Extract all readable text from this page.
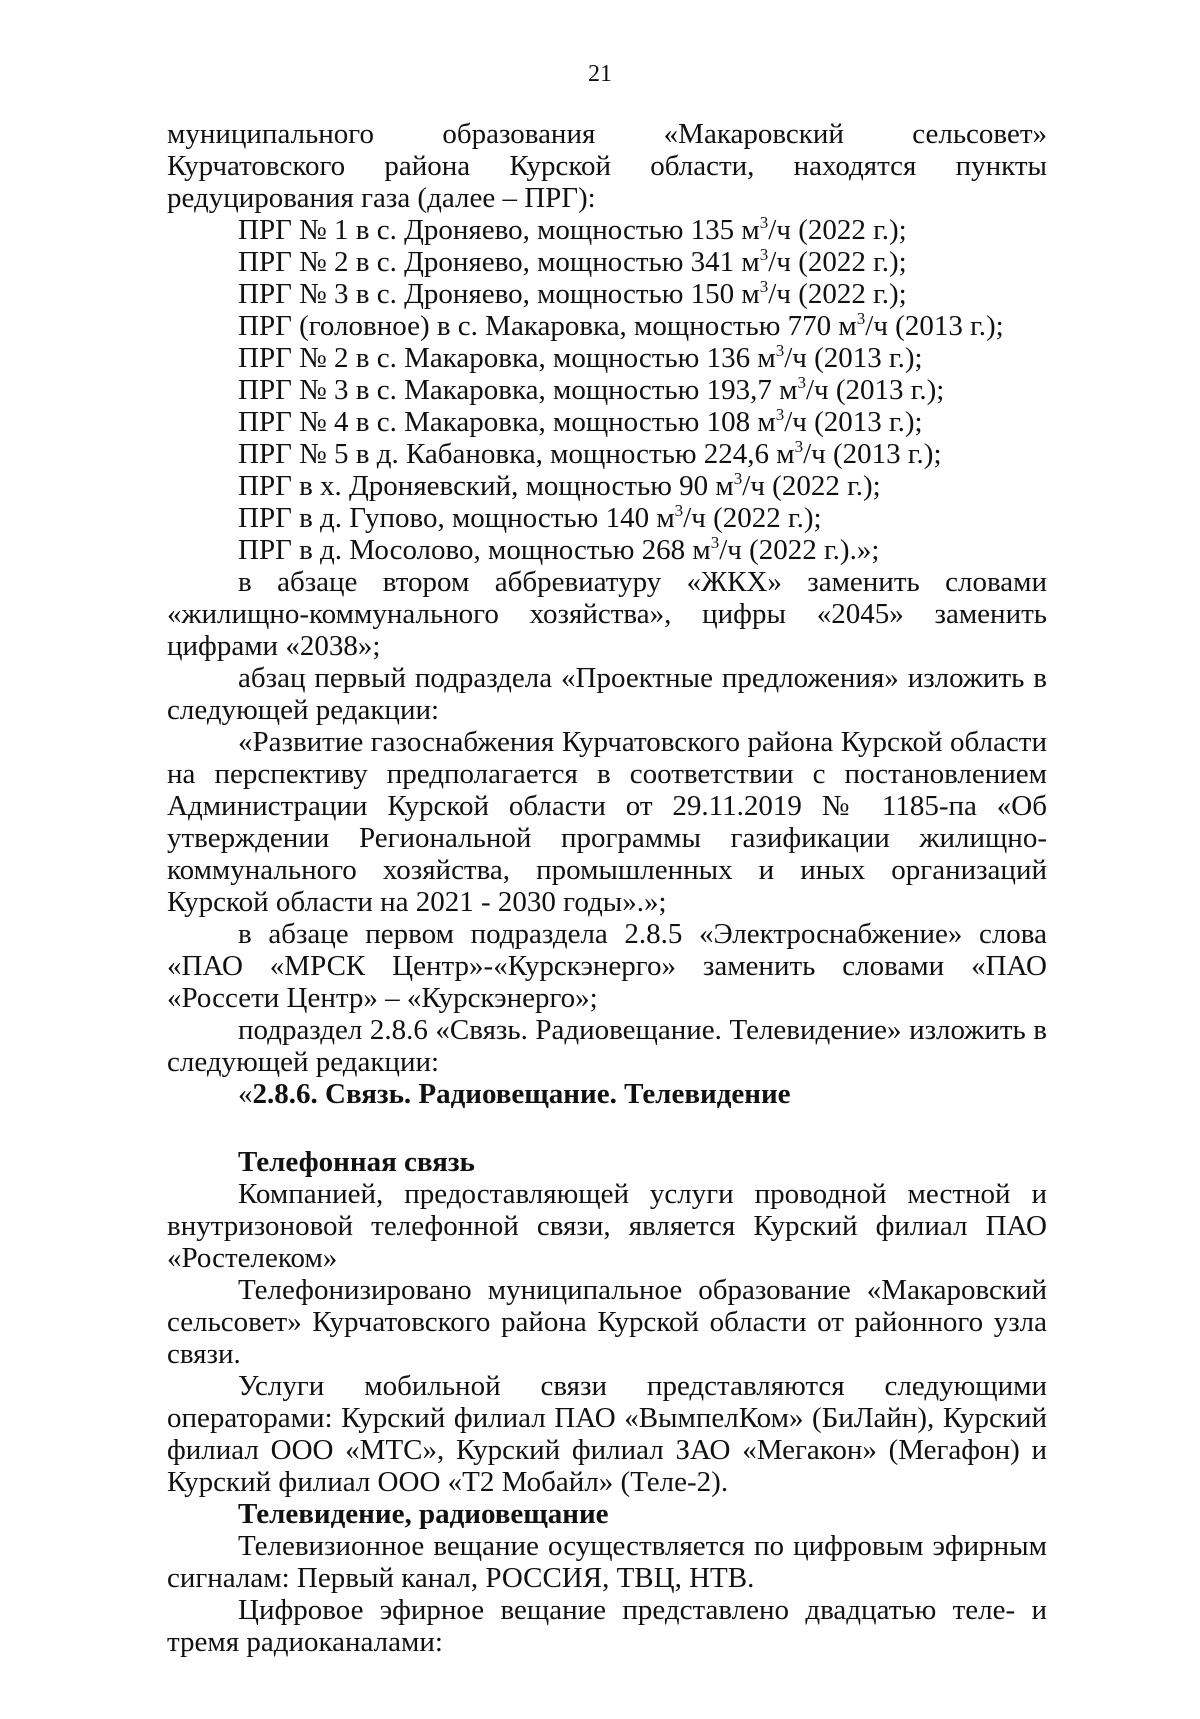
21

муниципального образования «Макаровский сельсовет» Курчатовского района Курской области, находятся пункты редуцирования газа (далее – ПРГ):

ПРГ № 1 в с. Дроняево, мощностью 135 $м^3/ч$ (2022 г.);

ПРГ № 2 в с. Дроняево, мощностью 341 $м^3/ч$ (2022 г.);

ПРГ № 3 в с. Дроняево, мощностью 150 $м^3/ч$ (2022 г.);

ПРГ (головное) в с. Макаровка, мощностью 770 $м^3/ч$ (2013 г.);

ПРГ № 2 в с. Макаровка, мощностью 136 $м^3/ч$ (2013 г.);

ПРГ № 3 в с. Макаровка, мощностью 193,7 $м^3/ч$ (2013 г.);

ПРГ № 4 в с. Макаровка, мощностью 108 $м^3/ч$ (2013 г.);

ПРГ № 5 в д. Кабановка, мощностью 224,6 $м^3/ч$ (2013 г.);

ПРГ в х. Дроняевский, мощностью 90 $м^3/ч$ (2022 г.);

ПРГ в д. Гупово, мощностью 140 $м^3/ч$ (2022 г.);

ПРГ в д. Мосолово, мощностью 268 $м^3/ч$ (2022 г.).»;

в абзаце втором аббревиатуру «ЖКХ» заменить словами «жилищно-коммунального хозяйства», цифры «2045» заменить цифрами «2038»;

абзац первый подраздела «Проектные предложения» изложить в следующей редакции:

«Развитие газоснабжения Курчатовского района Курской области на перспективу предполагается в соответствии с постановлением Администрации Курской области от 29.11.2019 № 1185-па «Об утверждении Региональной программы газификации жилищно-коммунального хозяйства, промышленных и иных организаций Курской области на 2021 - 2030 годы».»;

в абзаце первом подраздела 2.8.5 «Электроснабжение» слова «ПАО «МРСК Центр»-«Курскэнерго» заменить словами «ПАО «Россети Центр» – «Курскэнерго»;

подраздел 2.8.6 «Связь. Радиовещание. Телевидение» изложить в следующей редакции:

«2.8.6. Связь. Радиовещание. Телевидение

Телефонная связь

Компанией, предоставляющей услуги проводной местной и внутризоновой телефонной связи, является Курский филиал ПАО «Ростелеком»

Телефонизировано муниципальное образование «Макаровский сельсовет» Курчатовского района Курской области от районного узла связи.

Услуги мобильной связи представляются следующими операторами: Курский филиал ПАО «ВымпелКом» (БиЛайн), Курский филиал ООО «МТС», Курский филиал ЗАО «Мегакон» (Мегафон) и Курский филиал ООО «Т2 Мобайл» (Теле-2).

Телевидение, радиовещание

Телевизионное вещание осуществляется по цифровым эфирным сигналам: Первый канал, РОССИЯ, ТВЦ, НТВ.

Цифровое эфирное вещание представлено двадцатью теле- и тремя радиоканалами:
